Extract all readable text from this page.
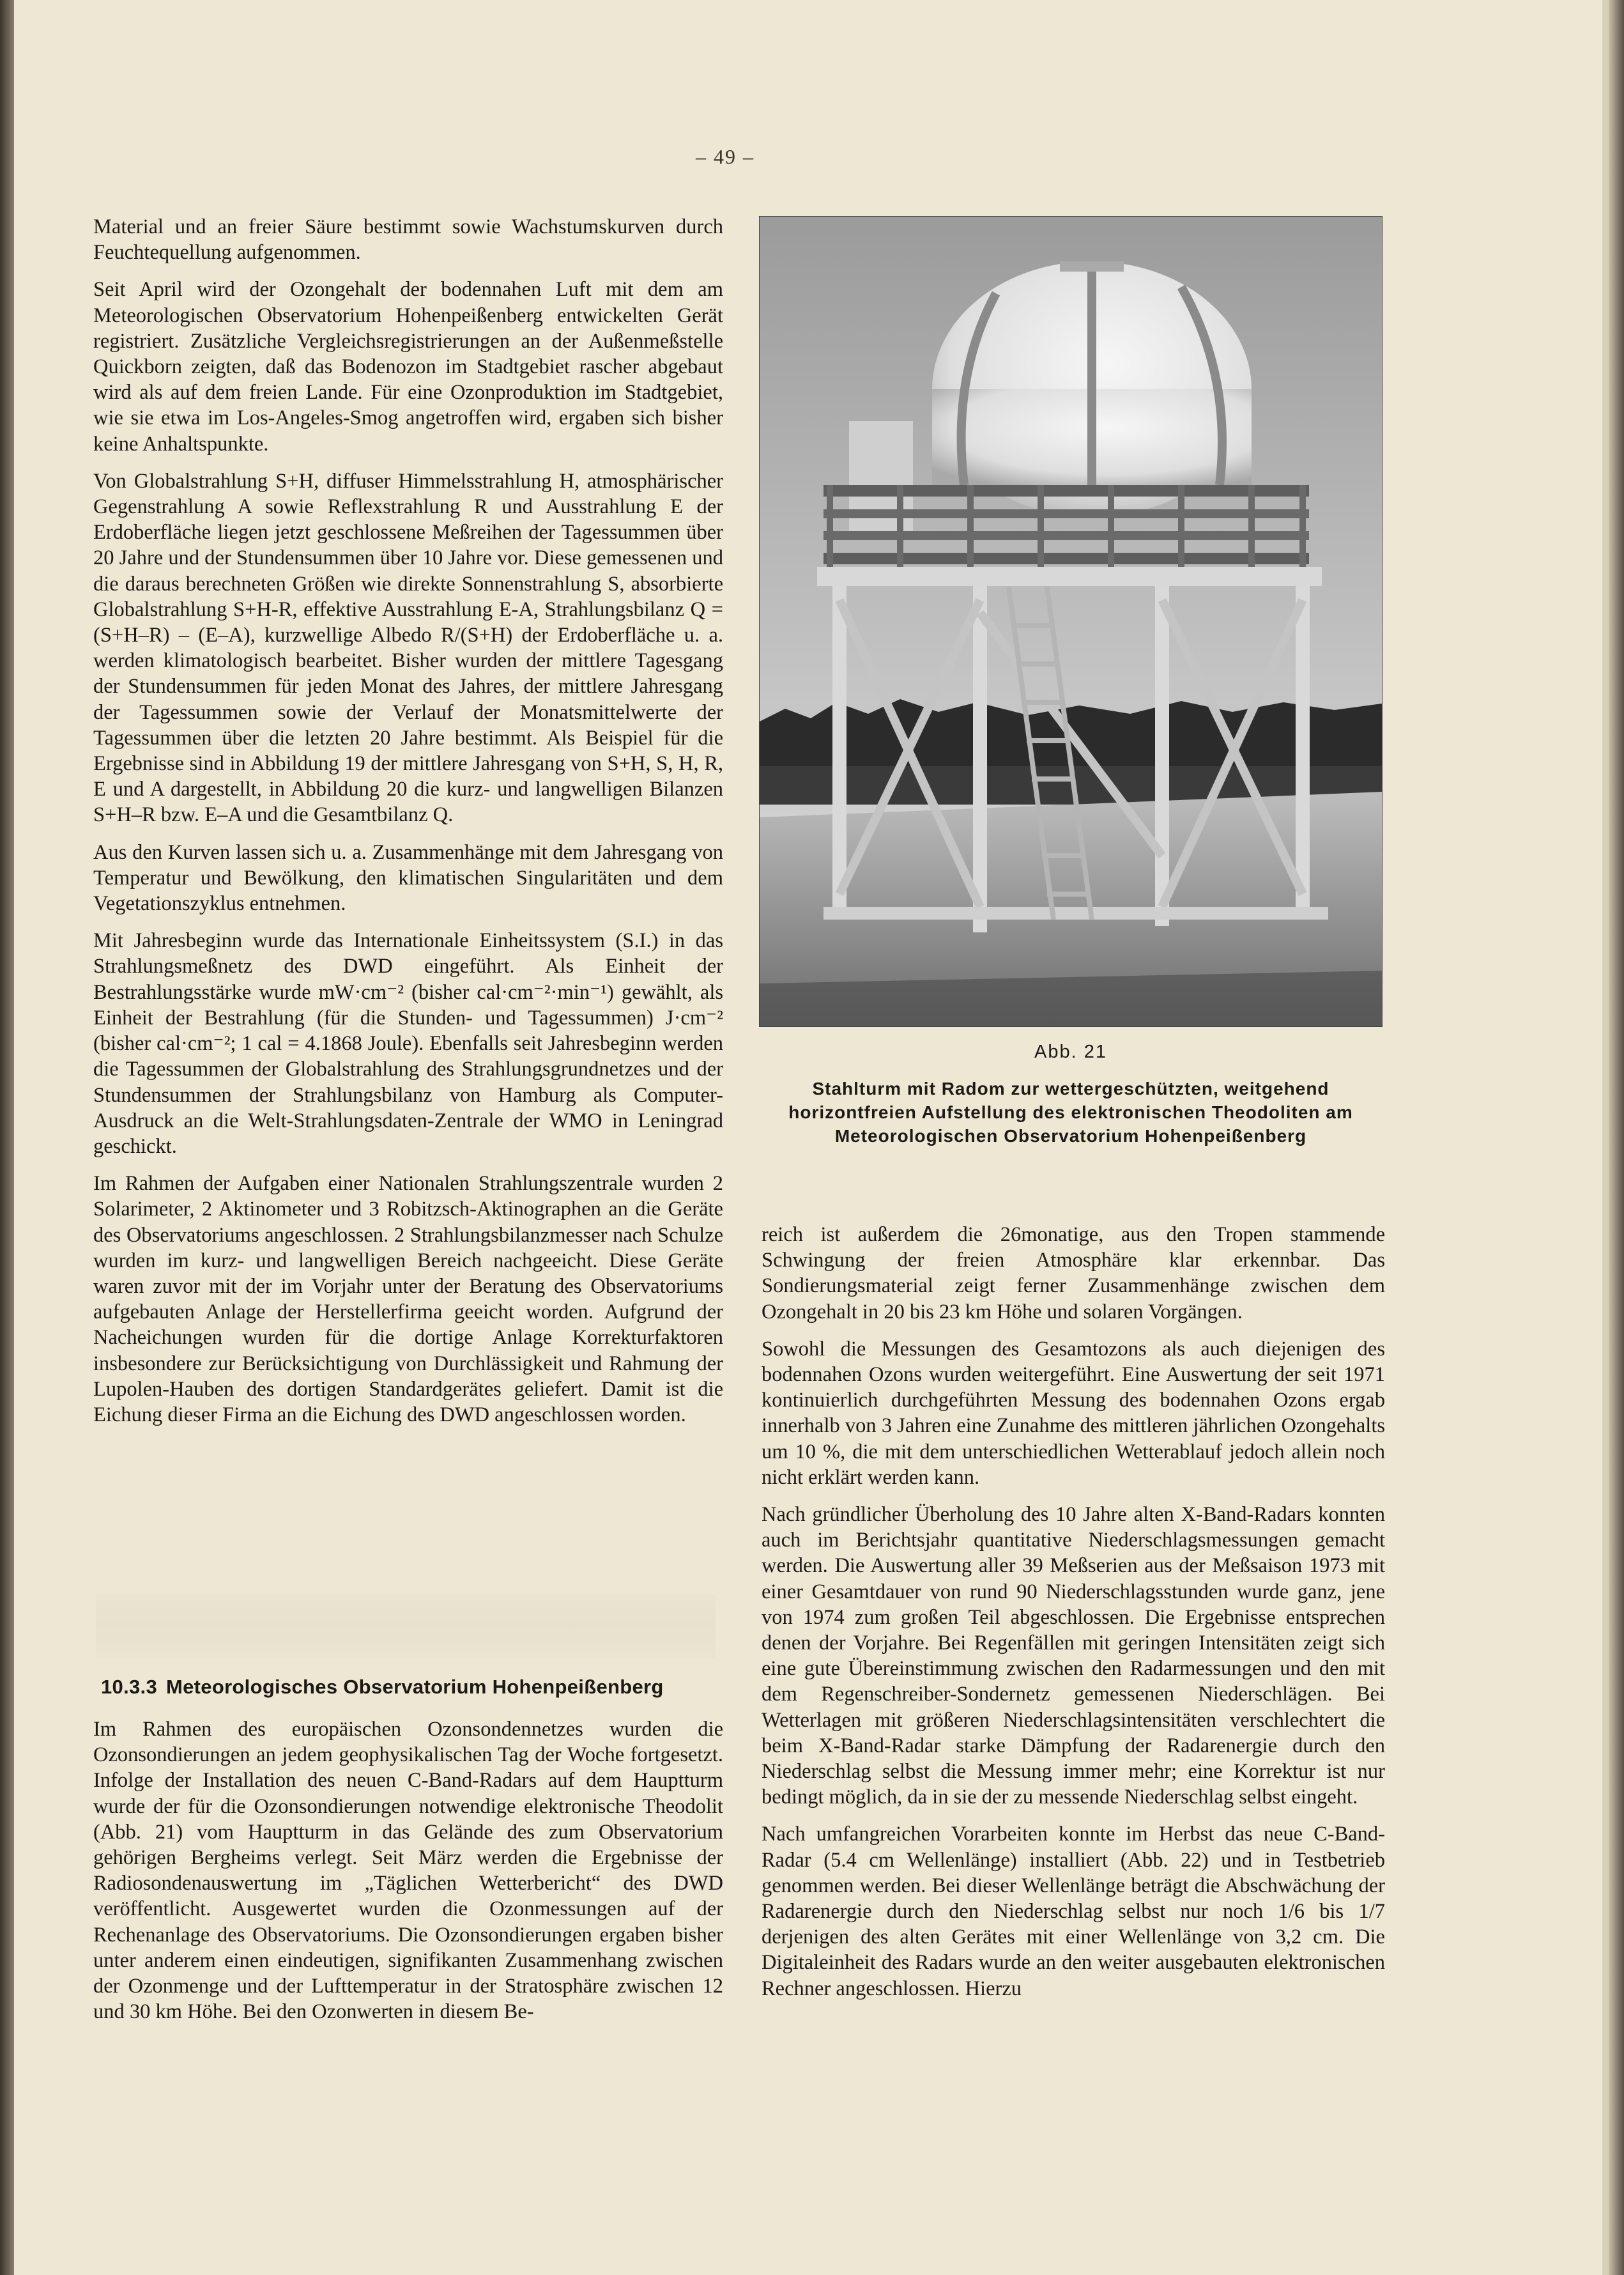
– 49 –

Material und an freier Säure bestimmt sowie Wachstumskurven durch Feuchtequellung aufgenommen.

Seit April wird der Ozongehalt der bodennahen Luft mit dem am Meteorologischen Observatorium Hohenpeißenberg entwickelten Gerät registriert. Zusätzliche Vergleichsregistrierungen an der Außenmeßstelle Quickborn zeigten, daß das Bodenozon im Stadtgebiet rascher abgebaut wird als auf dem freien Lande. Für eine Ozonproduktion im Stadtgebiet, wie sie etwa im Los-Angeles-Smog angetroffen wird, ergaben sich bisher keine Anhaltspunkte.

Von Globalstrahlung S+H, diffuser Himmelsstrahlung H, atmosphärischer Gegenstrahlung A sowie Reflexstrahlung R und Ausstrahlung E der Erdoberfläche liegen jetzt geschlossene Meßreihen der Tagessummen über 20 Jahre und der Stundensummen über 10 Jahre vor. Diese gemessenen und die daraus berechneten Größen wie direkte Sonnenstrahlung S, absorbierte Globalstrahlung S+H-R, effektive Ausstrahlung E-A, Strahlungsbilanz Q = (S+H–R) – (E–A), kurzwellige Albedo R/(S+H) der Erdoberfläche u. a. werden klimatologisch bearbeitet. Bisher wurden der mittlere Tagesgang der Stundensummen für jeden Monat des Jahres, der mittlere Jahresgang der Tagessummen sowie der Verlauf der Monatsmittelwerte der Tagessummen über die letzten 20 Jahre bestimmt. Als Beispiel für die Ergebnisse sind in Abbildung 19 der mittlere Jahresgang von S+H, S, H, R, E und A dargestellt, in Abbildung 20 die kurz- und langwelligen Bilanzen S+H–R bzw. E–A und die Gesamtbilanz Q.

Aus den Kurven lassen sich u. a. Zusammenhänge mit dem Jahresgang von Temperatur und Bewölkung, den klimatischen Singularitäten und dem Vegetationszyklus entnehmen.

Mit Jahresbeginn wurde das Internationale Einheitssystem (S.I.) in das Strahlungsmeßnetz des DWD eingeführt. Als Einheit der Bestrahlungsstärke wurde mW·cm⁻² (bisher cal·cm⁻²·min⁻¹) gewählt, als Einheit der Bestrahlung (für die Stunden- und Tagessummen) J·cm⁻² (bisher cal·cm⁻²; 1 cal = 4.1868 Joule). Ebenfalls seit Jahresbeginn werden die Tagessummen der Globalstrahlung des Strahlungsgrundnetzes und der Stundensummen der Strahlungsbilanz von Hamburg als Computer-Ausdruck an die Welt-Strahlungsdaten-Zentrale der WMO in Leningrad geschickt.

Im Rahmen der Aufgaben einer Nationalen Strahlungszentrale wurden 2 Solarimeter, 2 Aktinometer und 3 Robitzsch-Aktinographen an die Geräte des Observatoriums angeschlossen. 2 Strahlungsbilanzmesser nach Schulze wurden im kurz- und langwelligen Bereich nachgeeicht. Diese Geräte waren zuvor mit der im Vorjahr unter der Beratung des Observatoriums aufgebauten Anlage der Herstellerfirma geeicht worden. Aufgrund der Nacheichungen wurden für die dortige Anlage Korrekturfaktoren insbesondere zur Berücksichtigung von Durchlässigkeit und Rahmung der Lupolen-Hauben des dortigen Standardgerätes geliefert. Damit ist die Eichung dieser Firma an die Eichung des DWD angeschlossen worden.

10.3.3 Meteorologisches Observatorium Hohenpeißenberg

Im Rahmen des europäischen Ozonsondennetzes wurden die Ozonsondierungen an jedem geophysikalischen Tag der Woche fortgesetzt. Infolge der Installation des neuen C-Band-Radars auf dem Hauptturm wurde der für die Ozonsondierungen notwendige elektronische Theodolit (Abb. 21) vom Hauptturm in das Gelände des zum Observatorium gehörigen Bergheims verlegt. Seit März werden die Ergebnisse der Radiosondenauswertung im „Täglichen Wetterbericht“ des DWD veröffentlicht. Ausgewertet wurden die Ozonmessungen auf der Rechenanlage des Observatoriums. Die Ozonsondierungen ergaben bisher unter anderem einen eindeutigen, signifikanten Zusammenhang zwischen der Ozonmenge und der Lufttemperatur in der Stratosphäre zwischen 12 und 30 km Höhe. Bei den Ozonwerten in diesem Be-

Abb. 21
Stahlturm mit Radom zur wettergeschützten, weitgehend horizontfreien Aufstellung des elektronischen Theodoliten am Meteorologischen Observatorium Hohenpeißenberg

reich ist außerdem die 26monatige, aus den Tropen stammende Schwingung der freien Atmosphäre klar erkennbar. Das Sondierungsmaterial zeigt ferner Zusammenhänge zwischen dem Ozongehalt in 20 bis 23 km Höhe und solaren Vorgängen.

Sowohl die Messungen des Gesamtozons als auch diejenigen des bodennahen Ozons wurden weitergeführt. Eine Auswertung der seit 1971 kontinuierlich durchgeführten Messung des bodennahen Ozons ergab innerhalb von 3 Jahren eine Zunahme des mittleren jährlichen Ozongehalts um 10 %, die mit dem unterschiedlichen Wetterablauf jedoch allein noch nicht erklärt werden kann.

Nach gründlicher Überholung des 10 Jahre alten X-Band-Radars konnten auch im Berichtsjahr quantitative Niederschlagsmessungen gemacht werden. Die Auswertung aller 39 Meßserien aus der Meßsaison 1973 mit einer Gesamtdauer von rund 90 Niederschlagsstunden wurde ganz, jene von 1974 zum großen Teil abgeschlossen. Die Ergebnisse entsprechen denen der Vorjahre. Bei Regenfällen mit geringen Intensitäten zeigt sich eine gute Übereinstimmung zwischen den Radarmessungen und den mit dem Regenschreiber-Sondernetz gemessenen Niederschlägen. Bei Wetterlagen mit größeren Niederschlagsintensitäten verschlechtert die beim X-Band-Radar starke Dämpfung der Radarenergie durch den Niederschlag selbst die Messung immer mehr; eine Korrektur ist nur bedingt möglich, da in sie der zu messende Niederschlag selbst eingeht.

Nach umfangreichen Vorarbeiten konnte im Herbst das neue C-Band-Radar (5.4 cm Wellenlänge) installiert (Abb. 22) und in Testbetrieb genommen werden. Bei dieser Wellenlänge beträgt die Abschwächung der Radarenergie durch den Niederschlag selbst nur noch 1/6 bis 1/7 derjenigen des alten Gerätes mit einer Wellenlänge von 3,2 cm. Die Digitaleinheit des Radars wurde an den weiter ausgebauten elektronischen Rechner angeschlossen. Hierzu
